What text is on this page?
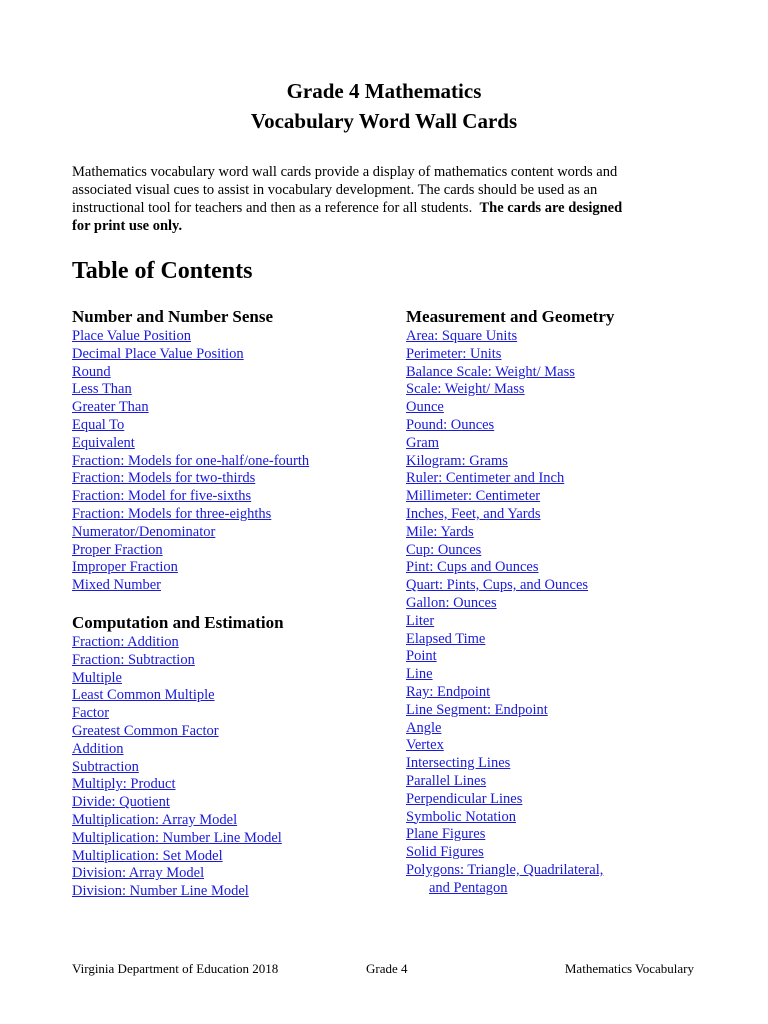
Grade 4 Mathematics
Vocabulary Word Wall Cards
Mathematics vocabulary word wall cards provide a display of mathematics content words and
associated visual cues to assist in vocabulary development. The cards should be used as an
instructional tool for teachers and then as a reference for all students. The cards are designed
for print use only.
Table of Contents
Number and Number Sense
Place Value Position
Decimal Place Value Position
Round
Less Than
Greater Than
Equal To
Equivalent
Fraction: Models for one-half/one-fourth
Fraction: Models for two-thirds
Fraction: Model for five-sixths
Fraction: Models for three-eighths
Numerator/Denominator
Proper Fraction
Improper Fraction
Mixed Number
Computation and Estimation
Fraction: Addition
Fraction: Subtraction
Multiple
Least Common Multiple
Factor
Greatest Common Factor
Addition
Subtraction
Multiply: Product
Divide: Quotient
Multiplication: Array Model
Multiplication: Number Line Model
Multiplication: Set Model
Division: Array Model
Division: Number Line Model
Measurement and Geometry
Area: Square Units
Perimeter: Units
Balance Scale: Weight/ Mass
Scale: Weight/ Mass
Ounce
Pound: Ounces
Gram
Kilogram: Grams
Ruler: Centimeter and Inch
Millimeter: Centimeter
Inches, Feet, and Yards
Mile: Yards
Cup: Ounces
Pint: Cups and Ounces
Quart: Pints, Cups, and Ounces
Gallon: Ounces
Liter
Elapsed Time
Point
Line
Ray: Endpoint
Line Segment: Endpoint
Angle
Vertex
Intersecting Lines
Parallel Lines
Perpendicular Lines
Symbolic Notation
Plane Figures
Solid Figures
Polygons: Triangle, Quadrilateral,
and Pentagon
Virginia Department of Education 2018	Grade 4	Mathematics Vocabulary
